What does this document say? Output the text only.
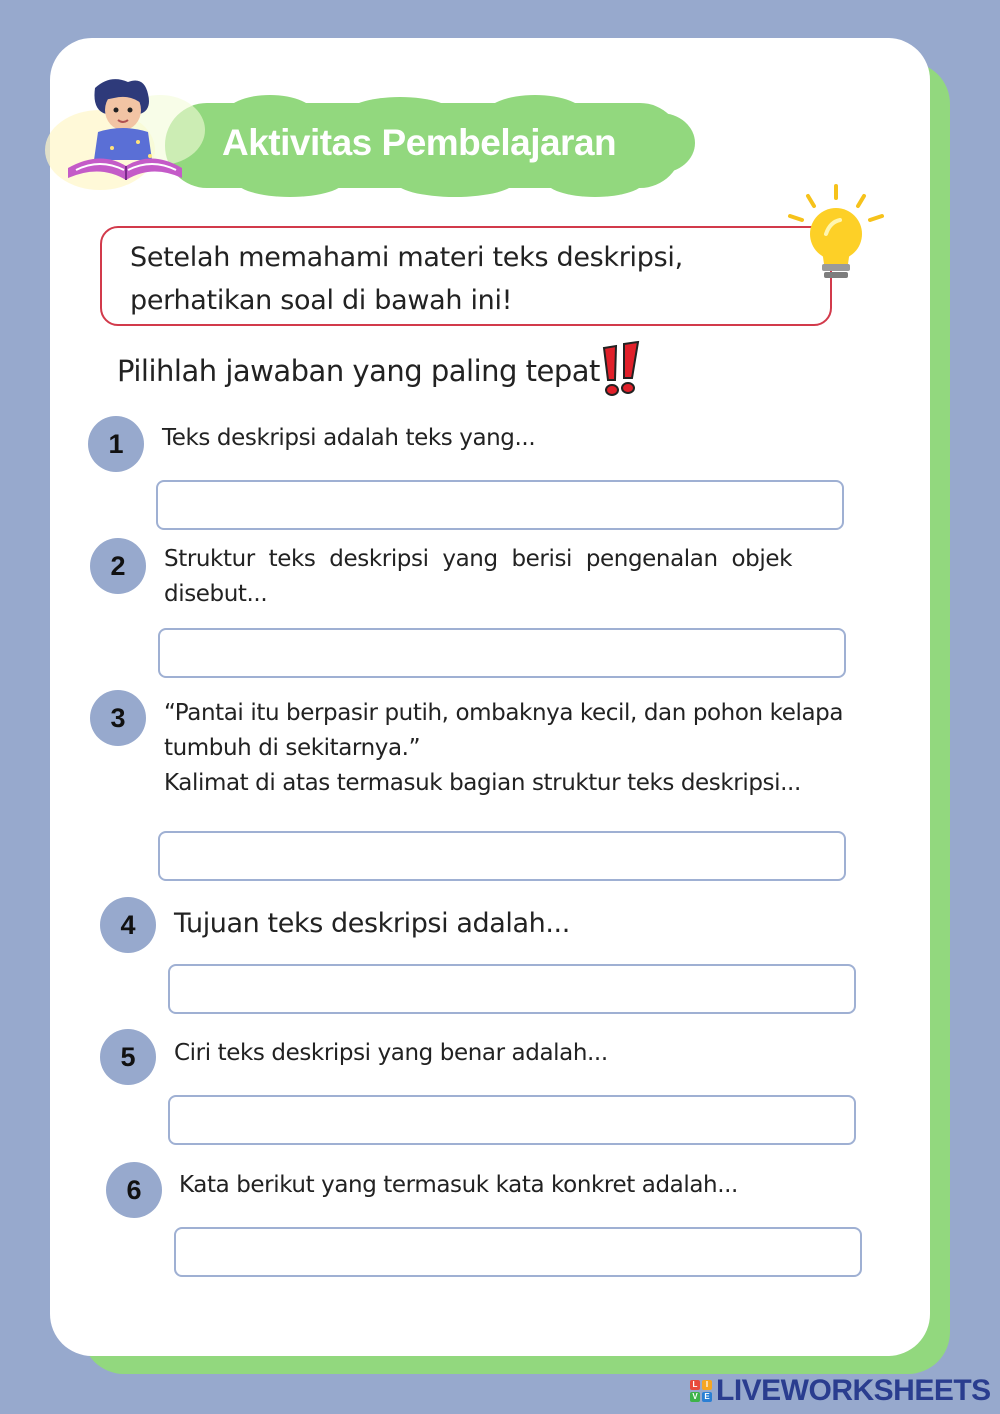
Aktivitas Pembelajaran
Setelah memahami materi teks deskripsi,
perhatikan soal di bawah ini!
Pilihlah jawaban yang paling tepat
1	Teks deskripsi adalah teks yang...
2	Struktur teks deskripsi yang berisi pengenalan objek
disebut...
3	“Pantai itu berpasir putih, ombaknya kecil, dan pohon kelapa
tumbuh di sekitarnya.”
Kalimat di atas termasuk bagian struktur teks deskripsi...
4	Tujuan teks deskripsi adalah...
5	Ciri teks deskripsi yang benar adalah...
6	Kata berikut yang termasuk kata konkret adalah...
L	I
V E LIVEWORKSHEETS
